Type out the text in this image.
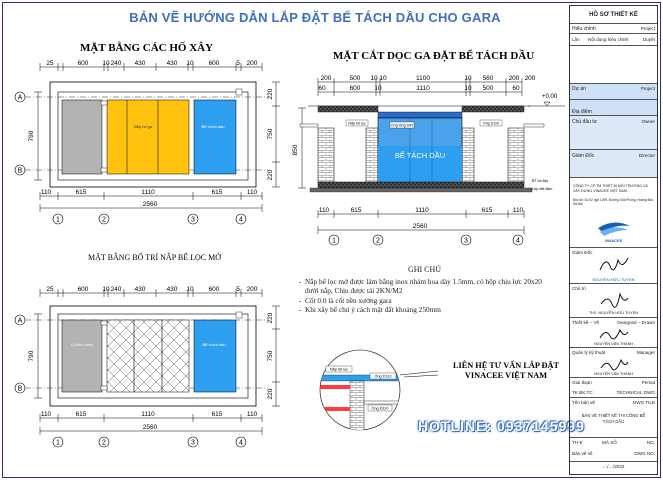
BẢN VẼ HƯỚNG DẪN LẮP ĐẶT BỂ TÁCH DẦU CHO GARA
MẶT BẰNG CÁC HỐ XÂY
25	600 10 240 430	430 10 600	5 200
A
B
Nắp hố ga	Bể chứa dầu
790
220
750
220
110	615	1110	615	110
1	2	3	4
2560
MẶT CẮT DỌC GA ĐẶT BỂ TÁCH DẦU
200	500 10 10	1100	10 560 200 200
60	600 10	1110	10 500	60
+0,00
850
BỂ TÁCH DẦU
Nắp bể lọc	Ống tổng D90	Ống D110
BT lót đáy
Lớp đất đầm
110	615	1110	615	110
2560
1	2	3	4
MẶT BẰNG BỐ TRÍ NẮP BỂ LỌC MỞ
25	600 10 240 430	430 10 600	5 200
A
B
Lỗ thu nước	Bể chứa dầu
790
220
750
220
110	615	1110	615	110
2560
1	2	3	4
GHI CHÚ
- Nắp bể lọc mở được làm bằng inox nhám hoa dày 1.5mm, có hộp chịu lực 20x20 dưới nắp, Chịu được tải 2KN/M2
- Cốt 0.0 là cốt nền xưởng gara
- Khi xây bể chú ý cách mặt đất khoảng 250mm
Nắp bể lọc
Ống D110
Ống D110
LIÊN HỆ TƯ VẤN LẮP ĐẶT
VINACEE VIỆT NAM
HOTLINE: 0937145999
HỒ SƠ THIẾT KẾ
Hiệu chỉnh	Project
Lần Nội dung hiệu chỉnh	Duyệt
Dự án	Project
Địa điểm
Chủ đầu tư	Owner
Giám Đốc	Director
CÔNG TY CP TM THIẾT BỊ MÔI TRƯỜNG VÀ XÂY DỰNG VINACEE VIỆT NAM
Địa chỉ: Số 52 ngõ 1295, Đường Giải Phóng, Hoàng Mai, Hà Nội
VINACEE
Giám Đốc
NGUYỄN HỮU TUYẾN
Chủ trì
ThS. NGUYỄN HỮU TUYẾN
Thiết kế – Vẽ	Designed – Drawn
NGUYỄN VĂN THÀNH
Quản lý kỹ thuật	Manager
NGUYỄN VĂN THÀNH
Giai đoạn	Period
TK.BK.TC	TECHNICAL DWG
Tên bản vẽ	DWG TILE
BẢN VẼ THIẾT KẾ THI CÔNG BỂ TÁCH DẦU
TH-E	MÃ SỐ	NO.
Bản vẽ số	DWG NO.
…/…/2022
